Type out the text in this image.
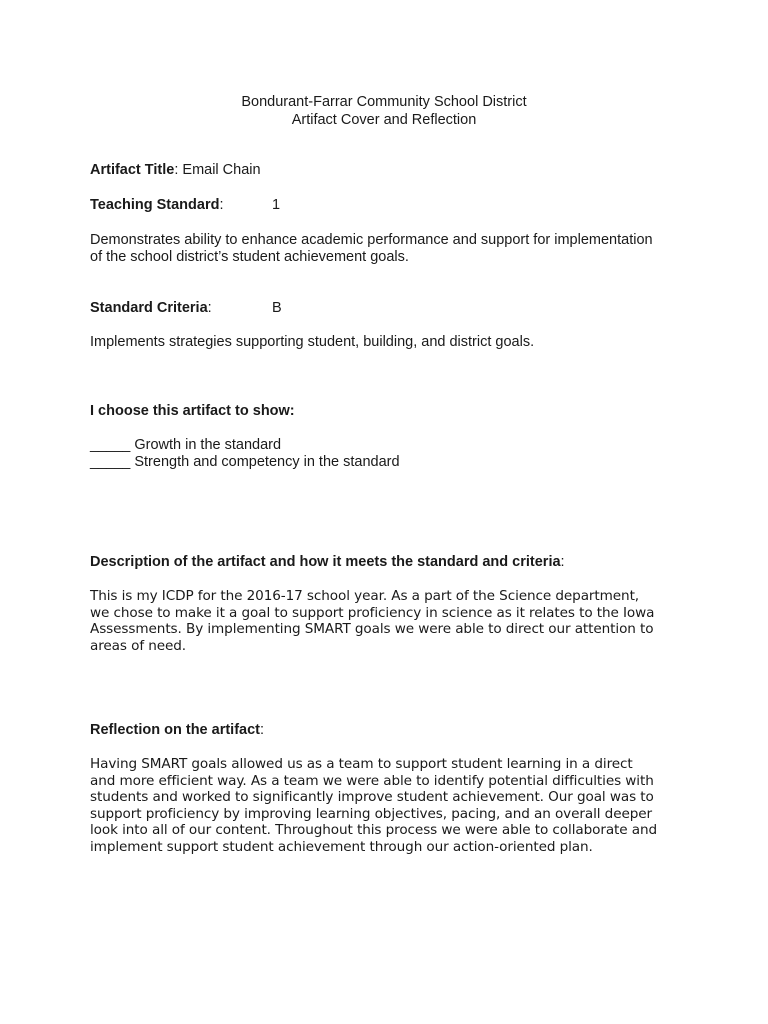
Bondurant-Farrar Community School District
Artifact Cover and Reflection
Artifact Title: Email Chain
Teaching Standard:	1
Demonstrates ability to enhance academic performance and support for implementation
of the school district’s student achievement goals.
Standard Criteria:	B
Implements strategies supporting student, building, and district goals.
I choose this artifact to show:
_____ Growth in the standard
_____ Strength and competency in the standard
Description of the artifact and how it meets the standard and criteria:
This is my ICDP for the 2016-17 school year. As a part of the Science department,
we chose to make it a goal to support proficiency in science as it relates to the Iowa
Assessments. By implementing SMART goals we were able to direct our attention to
areas of need.
Reflection on the artifact:
Having SMART goals allowed us as a team to support student learning in a direct
and more efficient way. As a team we were able to identify potential difficulties with
students and worked to significantly improve student achievement. Our goal was to
support proficiency by improving learning objectives, pacing, and an overall deeper
look into all of our content. Throughout this process we were able to collaborate and
implement support student achievement through our action-oriented plan.
